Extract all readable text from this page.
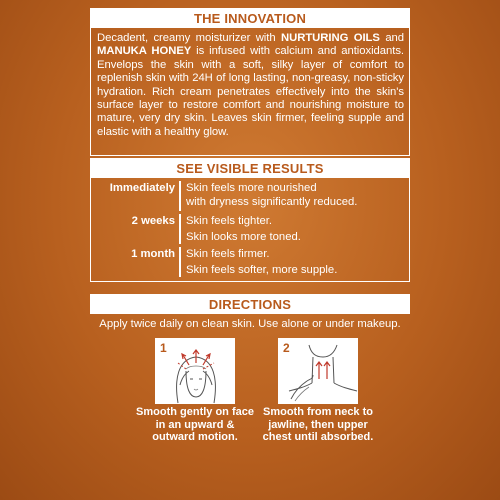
THE INNOVATION

Decadent, creamy moisturizer with NURTURING OILS and MANUKA HONEY is infused with calcium and antioxidants. Envelops the skin with a soft, silky layer of comfort to replenish skin with 24H of long lasting, non-greasy, non-sticky hydration. Rich cream penetrates effectively into the skin's surface layer to restore comfort and nourishing moisture to mature, very dry skin. Leaves skin firmer, feeling supple and elastic with a healthy glow.

SEE VISIBLE RESULTS
Immediately Skin feels more nourished
with dryness significantly reduced.
2 weeks Skin feels tighter.
Skin looks more toned.
1 month Skin feels firmer.
Skin feels softer, more supple.
DIRECTIONS
Apply twice daily on clean skin. Use alone or under makeup.
1
Smooth gently on face in an upward & outward motion.
2
Smooth from neck to jawline, then upper chest until absorbed.
